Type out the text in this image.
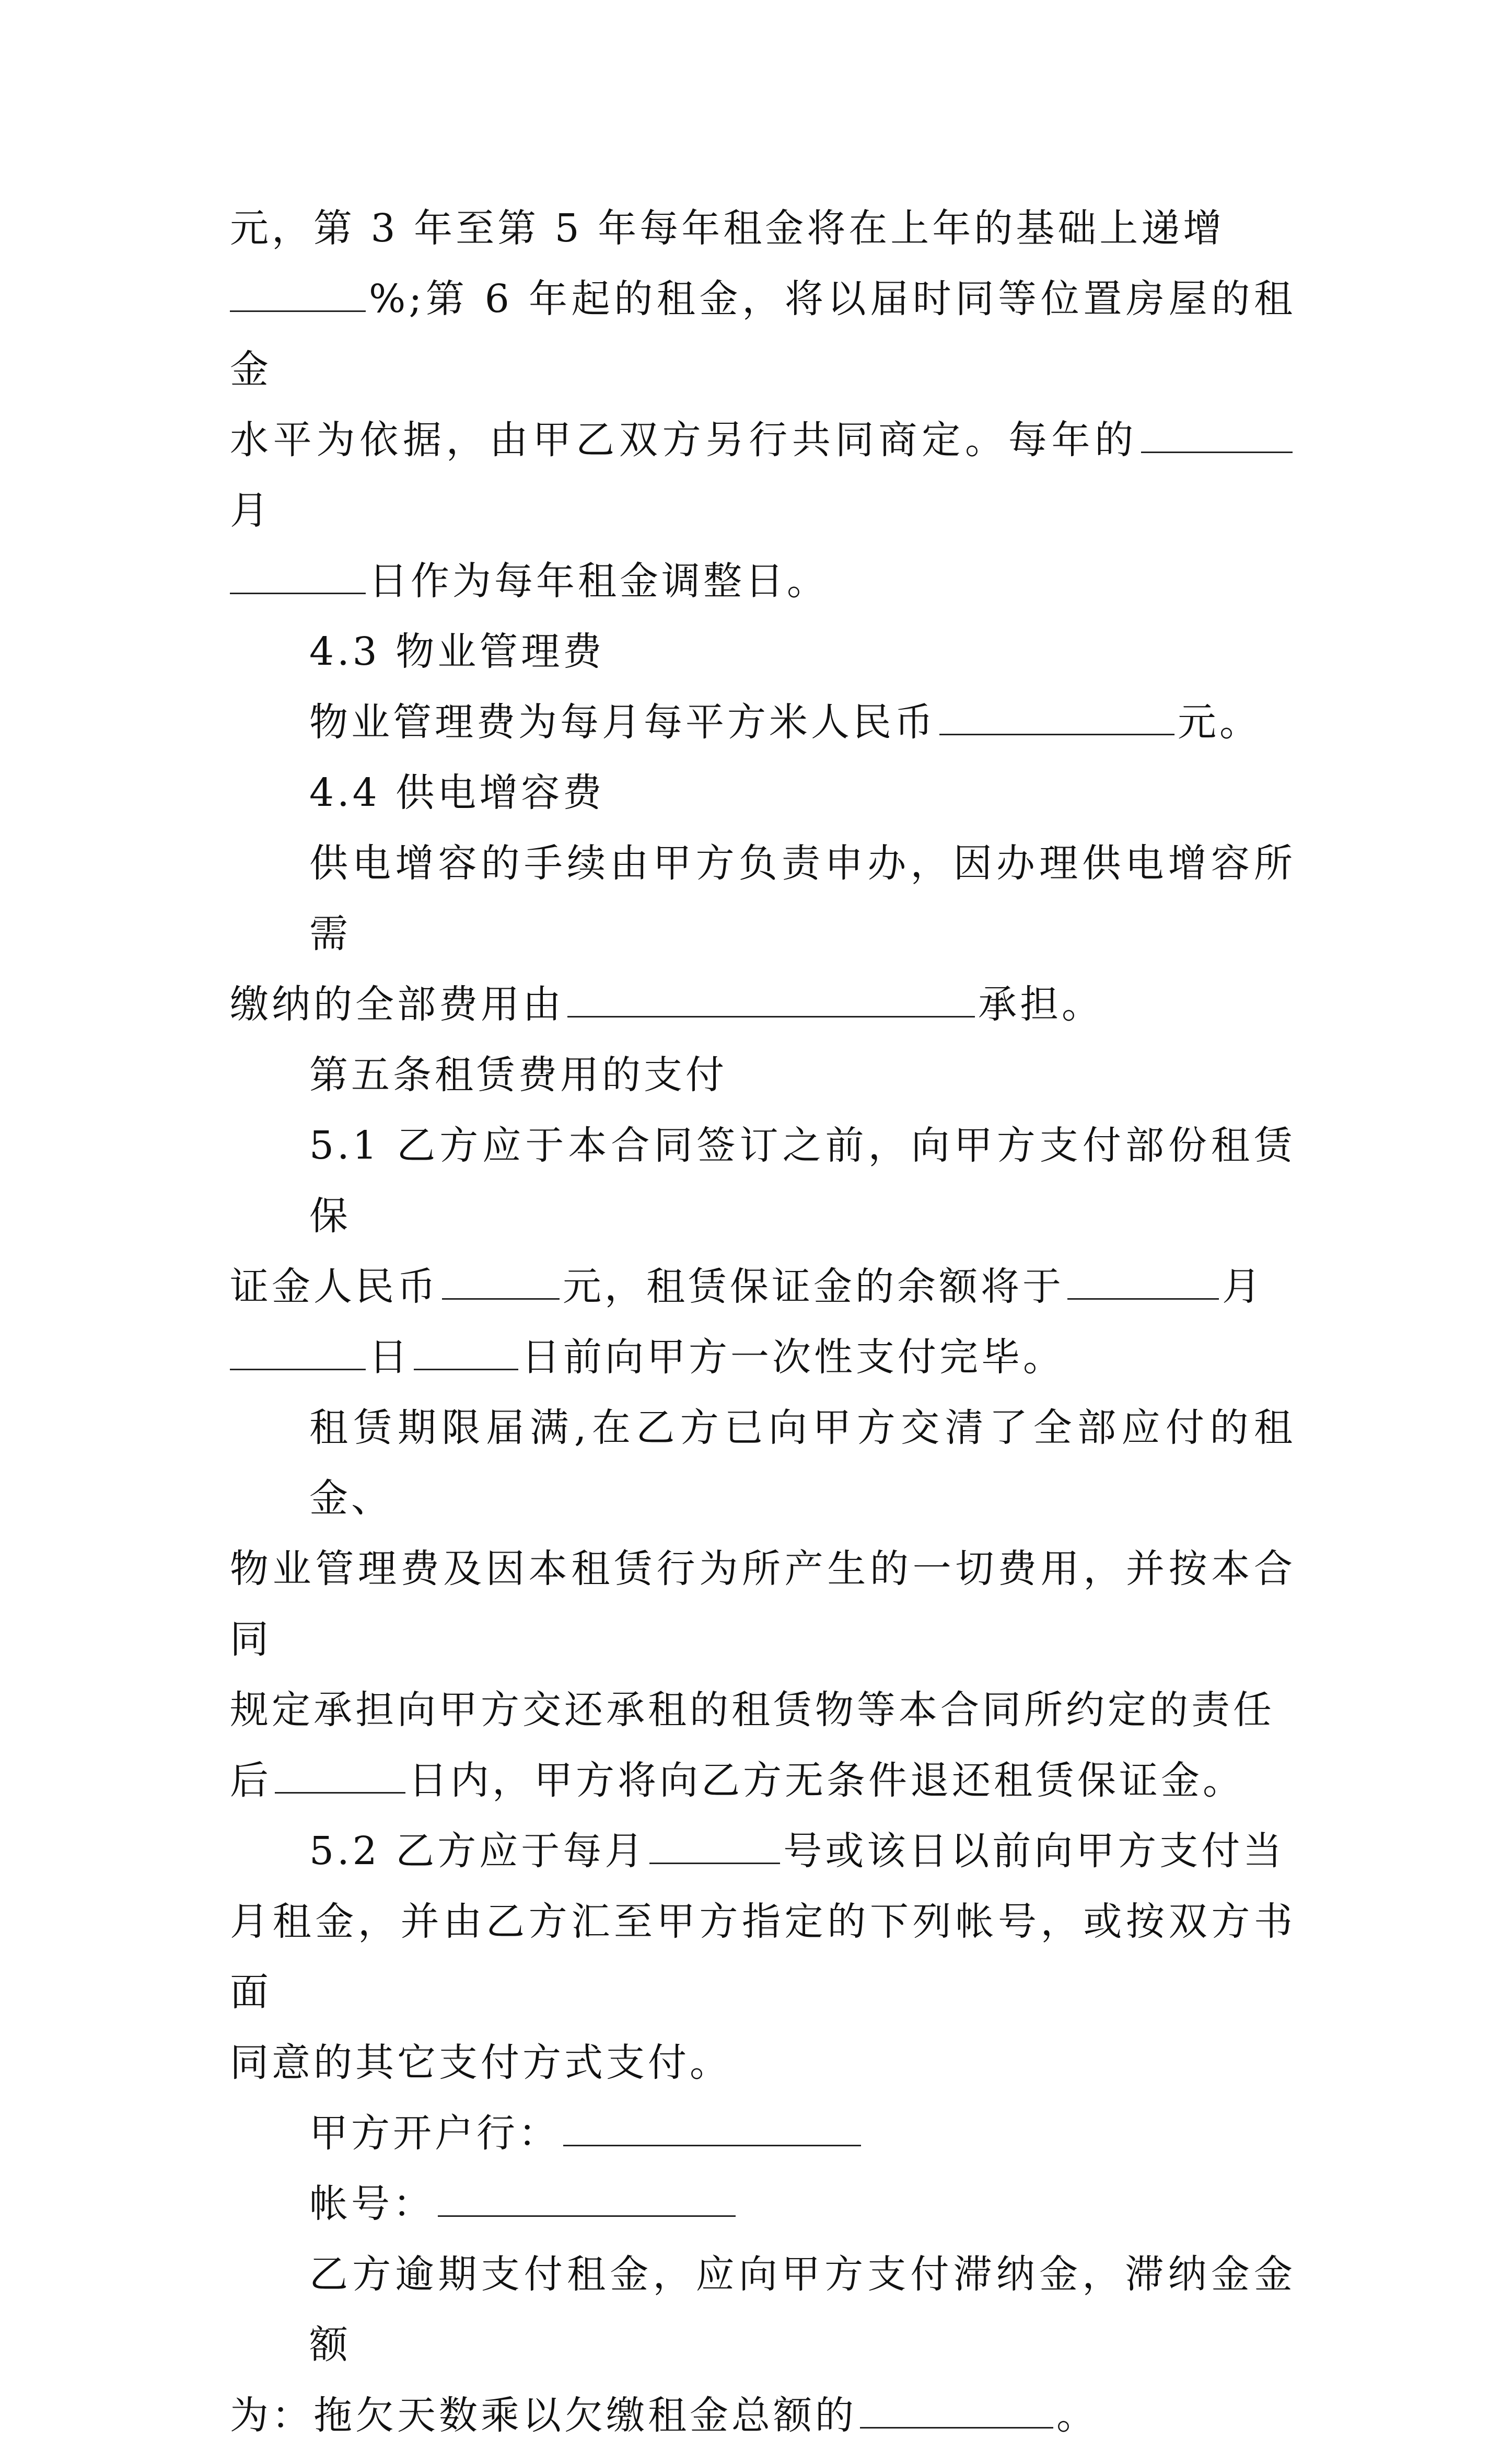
元，第 3 年至第 5 年每年租金将在上年的基础上递增
%;第 6 年起的租金，将以届时同等位置房屋的租金
水平为依据，由甲乙双方另行共同商定。每年的月
日作为每年租金调整日。

4.3 物业管理费

物业管理费为每月每平方米人民币	元。

4.4 供电增容费

供电增容的手续由甲方负责申办，因办理供电增容所需
缴纳的全部费用由	承担。

第五条租赁费用的支付

5.1 乙方应于本合同签订之前，向甲方支付部份租赁保
证金人民币	元，租赁保证金的余额将于	月
日	日前向甲方一次性支付完毕。

租赁期限届满,在乙方已向甲方交清了全部应付的租金、
物业管理费及因本租赁行为所产生的一切费用，并按本合同
规定承担向甲方交还承租的租赁物等本合同所约定的责任
后	日内，甲方将向乙方无条件退还租赁保证金。

5.2 乙方应于每月	号或该日以前向甲方支付当
月租金，并由乙方汇至甲方指定的下列帐号，或按双方书面
同意的其它支付方式支付。

甲方开户行：

帐号：

乙方逾期支付租金，应向甲方支付滞纳金，滞纳金金额
为：拖欠天数乘以欠缴租金总额的	。
